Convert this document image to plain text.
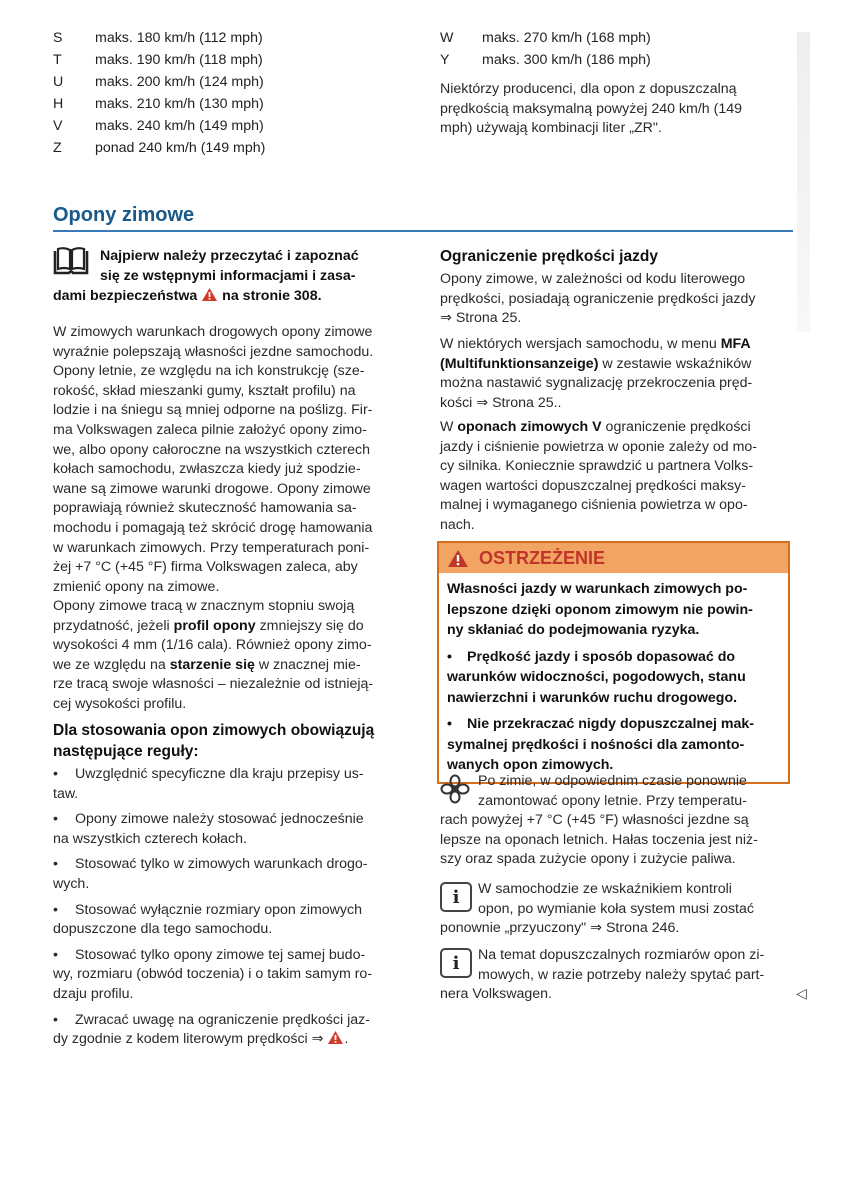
S maks. 180 km/h (112 mph)
T maks. 190 km/h (118 mph)
U maks. 200 km/h (124 mph)
H maks. 210 km/h (130 mph)
V maks. 240 km/h (149 mph)
Z ponad 240 km/h (149 mph)
W maks. 270 km/h (168 mph)
Y maks. 300 km/h (186 mph)
Niektórzy producenci, dla opon z dopuszczalną
prędkością maksymalną powyżej 240 km/h (149
mph) używają kombinacji liter „ZR".
Opony zimowe
Najpierw należy przeczytać i zapoznać
się ze wstępnymi informacjami i zasa-
dami bezpieczeństwa  na stronie 308.
W zimowych warunkach drogowych opony zimowe
wyraźnie polepszają własności jezdne samochodu.
Opony letnie, ze względu na ich konstrukcję (sze-
rokość, skład mieszanki gumy, kształt profilu) na
lodzie i na śniegu są mniej odporne na poślizg. Fir-
ma Volkswagen zaleca pilnie założyć opony zimo-
we, albo opony całoroczne na wszystkich czterech
kołach samochodu, zwłaszcza kiedy już spodzie-
wane są zimowe warunki drogowe. Opony zimowe
poprawiają również skuteczność hamowania sa-
mochodu i pomagają też skrócić drogę hamowania
w warunkach zimowych. Przy temperaturach poni-
żej +7 °C (+45 °F) firma Volkswagen zaleca, aby
zmienić opony na zimowe.
Opony zimowe tracą w znacznym stopniu swoją
przydatność, jeżeli profil opony zmniejszy się do
wysokości 4 mm (1/16 cala). Również opony zimo-
we ze względu na starzenie się w znacznej mie-
rze tracą swoje własności – niezależnie od istnieją-
cej wysokości profilu.
Dla stosowania opon zimowych obowiązują
następujące reguły:
• Uwzględnić specyficzne dla kraju przepisy us-
taw.
• Opony zimowe należy stosować jednocześnie
na wszystkich czterech kołach.
• Stosować tylko w zimowych warunkach drogo-
wych.
• Stosować wyłącznie rozmiary opon zimowych
dopuszczone dla tego samochodu.
• Stosować tylko opony zimowe tej samej budo-
wy, rozmiaru (obwód toczenia) i o takim samym ro-
dzaju profilu.
• Zwracać uwagę na ograniczenie prędkości jaz-
dy zgodnie z kodem literowym prędkości ⇒ .
Ograniczenie prędkości jazdy
Opony zimowe, w zależności od kodu literowego
prędkości, posiadają ograniczenie prędkości jazdy
⇒ Strona 25.
W niektórych wersjach samochodu, w menu MFA
(Multifunktionsanzeige) w zestawie wskaźników
można nastawić sygnalizację przekroczenia pręd-
kości ⇒ Strona 25..
W oponach zimowych V ograniczenie prędkości
jazdy i ciśnienie powietrza w oponie zależy od mo-
cy silnika. Koniecznie sprawdzić u partnera Volks-
wagen wartości dopuszczalnej prędkości maksy-
malnej i wymaganego ciśnienia powietrza w opo-
nach.
OSTRZEŻENIE

Własności jazdy w warunkach zimowych po-
lepszone dzięki oponom zimowym nie powin-
ny skłaniać do podejmowania ryzyka.

• Prędkość jazdy i sposób dopasować do
warunków widoczności, pogodowych, stanu
nawierzchni i warunków ruchu drogowego.

• Nie przekraczać nigdy dopuszczalnej mak-
symalnej prędkości i nośności dla zamonto-
wanych opon zimowych.

Po zimie, w odpowiednim czasie ponownie
zamontować opony letnie. Przy temperatu-
rach powyżej +7 °C (+45 °F) własności jezdne są
lepsze na oponach letnich. Hałas toczenia jest niż-
szy oraz spada zużycie opony i zużycie paliwa.
i	W samochodzie ze wskaźnikiem kontroli
opon, po wymianie koła system musi zostać
ponownie „przyuczony" ⇒ Strona 246.
i	Na temat dopuszczalnych rozmiarów opon zi-
mowych, w razie potrzeby należy spytać part-
nera Volkswagen.	◁
